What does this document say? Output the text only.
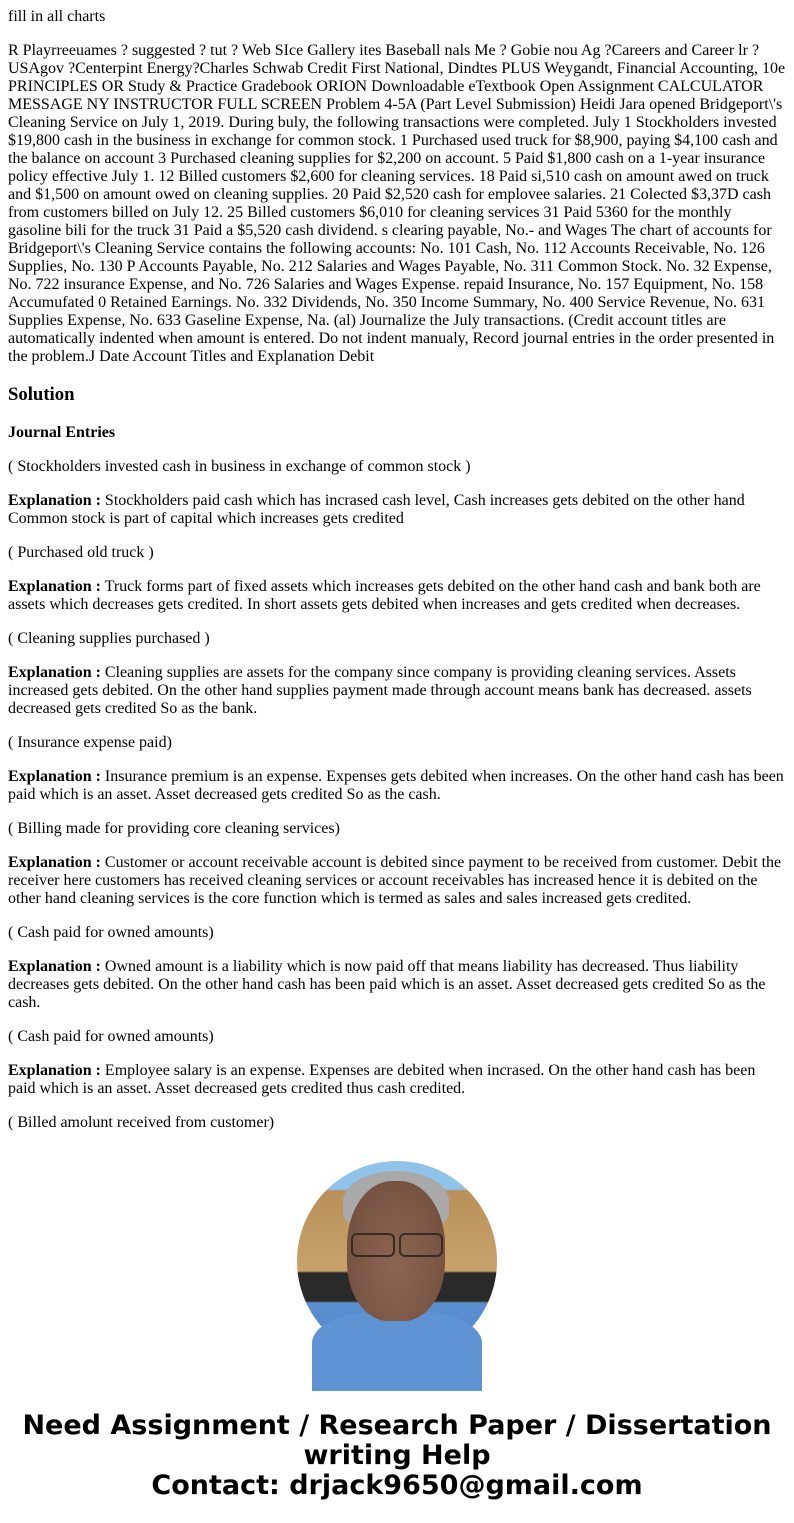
fill in all charts

R Playrreeuames ? suggested ? tut ? Web SIce Gallery ites Baseball nals Me ? Gobie nou Ag ?Careers and Career lr ? USAgov ?Centerpint Energy?Charles Schwab Credit First National, Dindtes PLUS Weygandt, Financial Accounting, 10e PRINCIPLES OR Study & Practice Gradebook ORION Downloadable eTextbook Open Assignment CALCULATOR MESSAGE NY INSTRUCTOR FULL SCREEN Problem 4-5A (Part Level Submission) Heidi Jara opened Bridgeport\'s Cleaning Service on July 1, 2019. During buly, the following transactions were completed. July 1 Stockholders invested $19,800 cash in the business in exchange for common stock. 1 Purchased used truck for $8,900, paying $4,100 cash and the balance on account 3 Purchased cleaning supplies for $2,200 on account. 5 Paid $1,800 cash on a 1-year insurance policy effective July 1. 12 Billed customers $2,600 for cleaning services. 18 Paid si,510 cash on amount awed on truck and $1,500 on amount owed on cleaning supplies. 20 Paid $2,520 cash for emplovee salaries. 21 Colected $3,37D cash from customers billed on July 12. 25 Billed customers $6,010 for cleaning services 31 Paid 5360 for the monthly gasoline bili for the truck 31 Paid a $5,520 cash dividend. s clearing payable, No.- and Wages The chart of accounts for Bridgeport\'s Cleaning Service contains the following accounts: No. 101 Cash, No. 112 Accounts Receivable, No. 126 Supplies, No. 130 P Accounts Payable, No. 212 Salaries and Wages Payable, No. 311 Common Stock. No. 32 Expense, No. 722 insurance Expense, and No. 726 Salaries and Wages Expense. repaid Insurance, No. 157 Equipment, No. 158 Accumufated 0 Retained Earnings. No. 332 Dividends, No. 350 Income Summary, No. 400 Service Revenue, No. 631 Supplies Expense, No. 633 Gaseline Expense, Na. (al) Journalize the July transactions. (Credit account titles are automatically indented when amount is entered. Do not indent manualy, Record journal entries in the order presented in the problem.J Date Account Titles and Explanation Debit

Solution

Journal Entries

( Stockholders invested cash in business in exchange of common stock )

Explanation : Stockholders paid cash which has incrased cash level, Cash increases gets debited on the other hand Common stock is part of capital which increases gets credited

( Purchased old truck )

Explanation : Truck forms part of fixed assets which increases gets debited on the other hand cash and bank both are assets which decreases gets credited. In short assets gets debited when increases and gets credited when decreases.

( Cleaning supplies purchased )

Explanation : Cleaning supplies are assets for the company since company is providing cleaning services. Assets increased gets debited. On the other hand supplies payment made through account means bank has decreased. assets decreased gets credited So as the bank.

( Insurance expense paid)

Explanation : Insurance premium is an expense. Expenses gets debited when increases. On the other hand cash has been paid which is an asset. Asset decreased gets credited So as the cash.

( Billing made for providing core cleaning services)

Explanation : Customer or account receivable account is debited since payment to be received from customer. Debit the receiver here customers has received cleaning services or account receivables has increased hence it is debited on the other hand cleaning services is the core function which is termed as sales and sales increased gets credited.

( Cash paid for owned amounts)

Explanation : Owned amount is a liability which is now paid off that means liability has decreased. Thus liability decreases gets debited. On the other hand cash has been paid which is an asset. Asset decreased gets credited So as the cash.

( Cash paid for owned amounts)

Explanation : Employee salary is an expense. Expenses are debited when incrased. On the other hand cash has been paid which is an asset. Asset decreased gets credited thus cash credited.

( Billed amolunt received from customer)

Need Assignment / Research Paper / Dissertation writing Help
Contact: drjack9650@gmail.com
